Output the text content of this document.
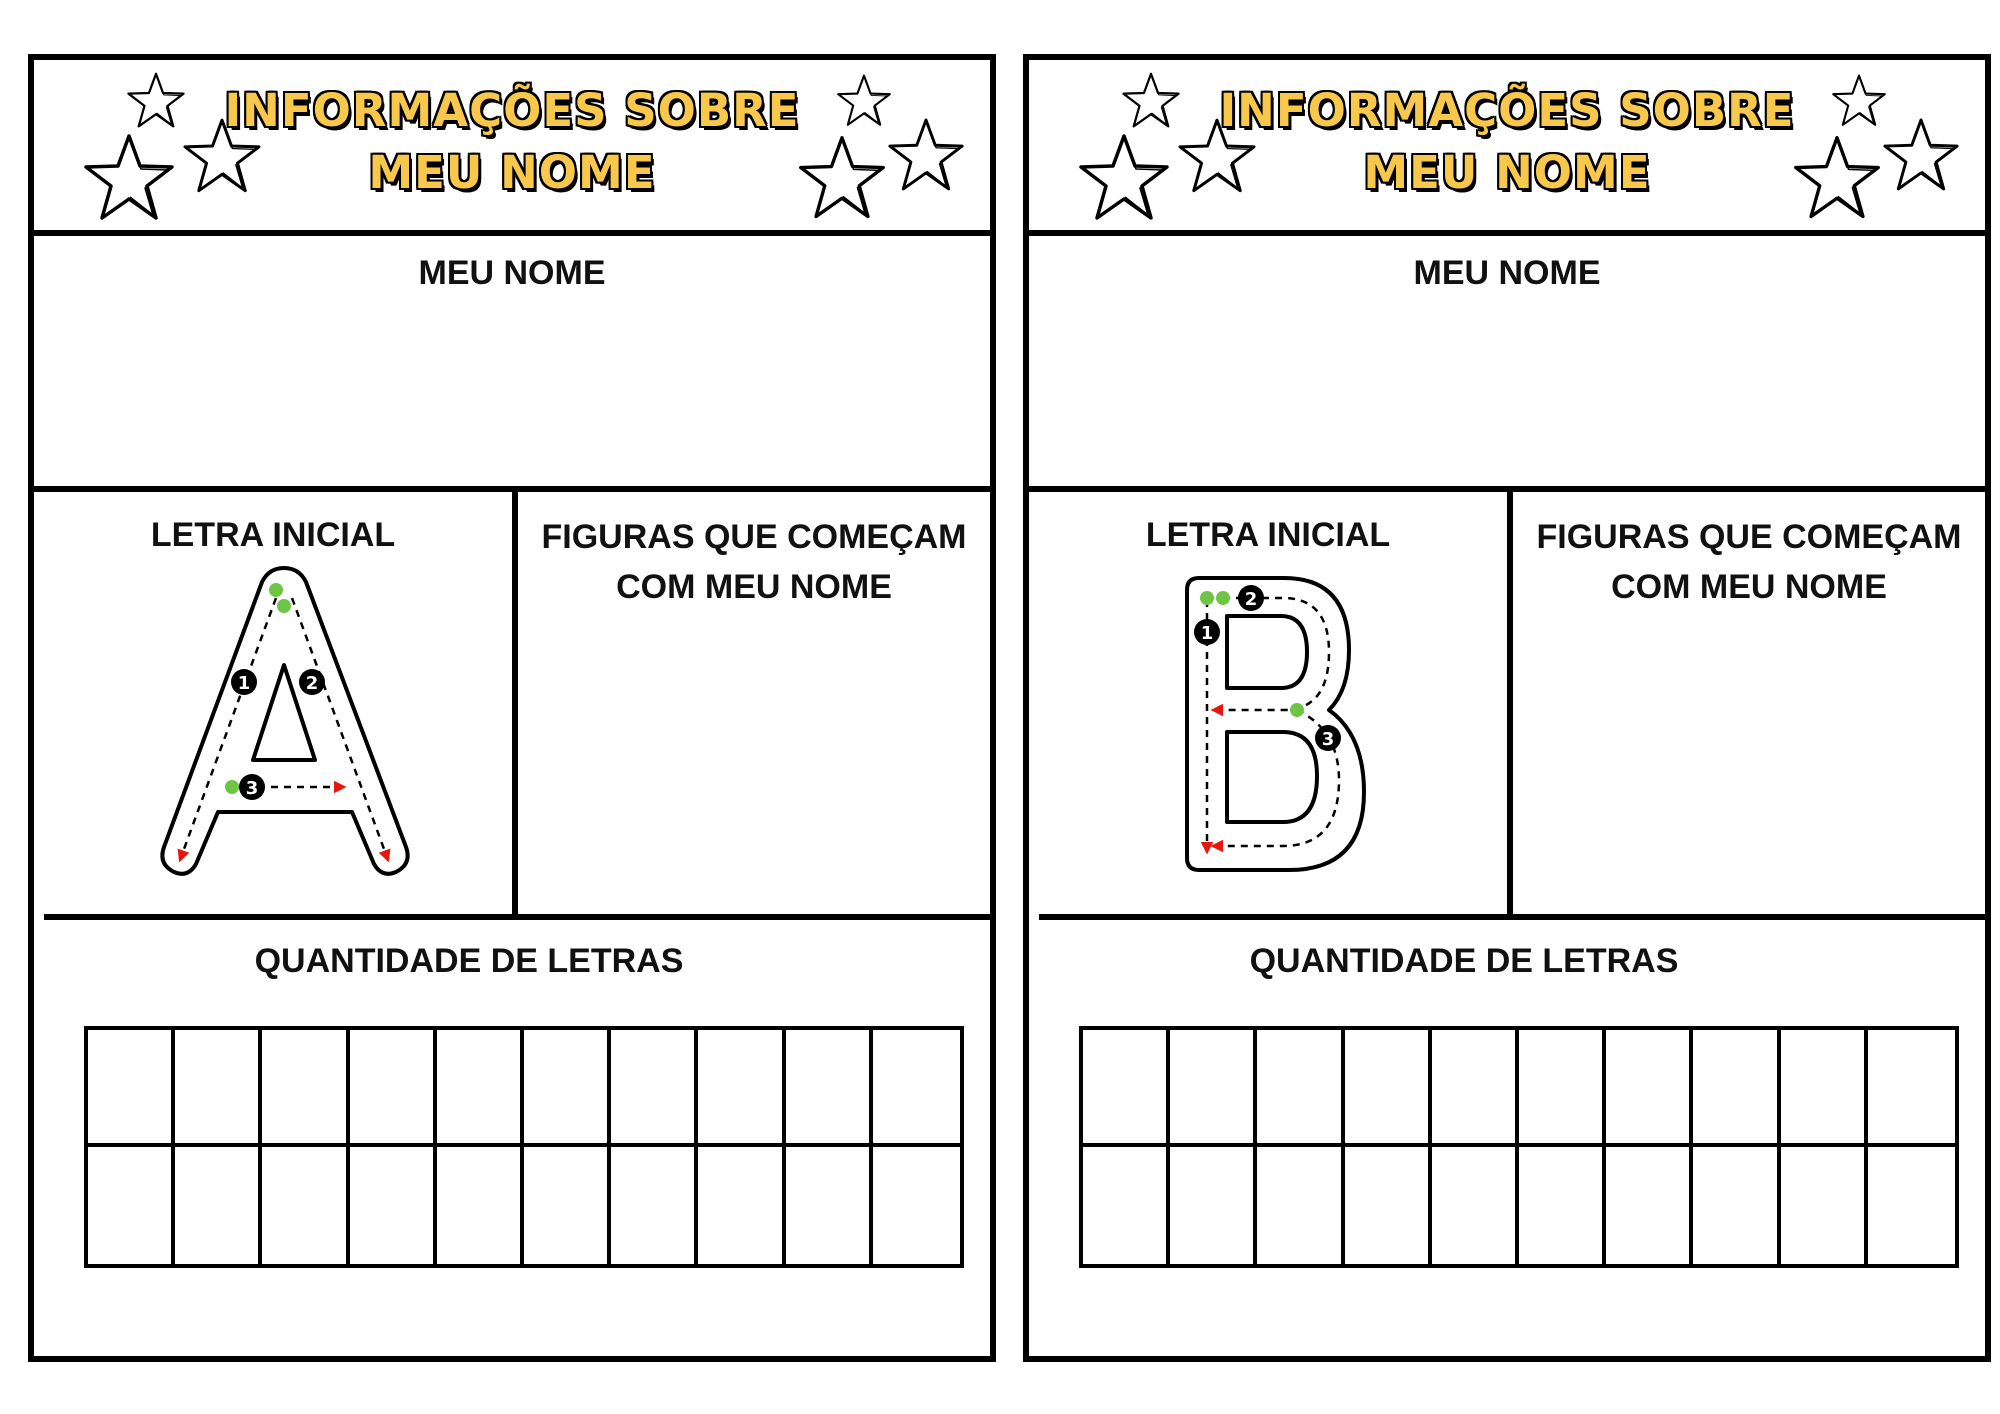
INFORMAÇÕES SOBRE
MEU NOME
MEU NOME
LETRA INICIAL	FIGURAS QUE COMEÇAM
COM MEU NOME
1	2
3
QUANTIDADE DE LETRAS
INFORMAÇÕES SOBRE
MEU NOME
MEU NOME
LETRA INICIAL	FIGURAS QUE COMEÇAM
COM MEU NOME
1
2
3
QUANTIDADE DE LETRAS
